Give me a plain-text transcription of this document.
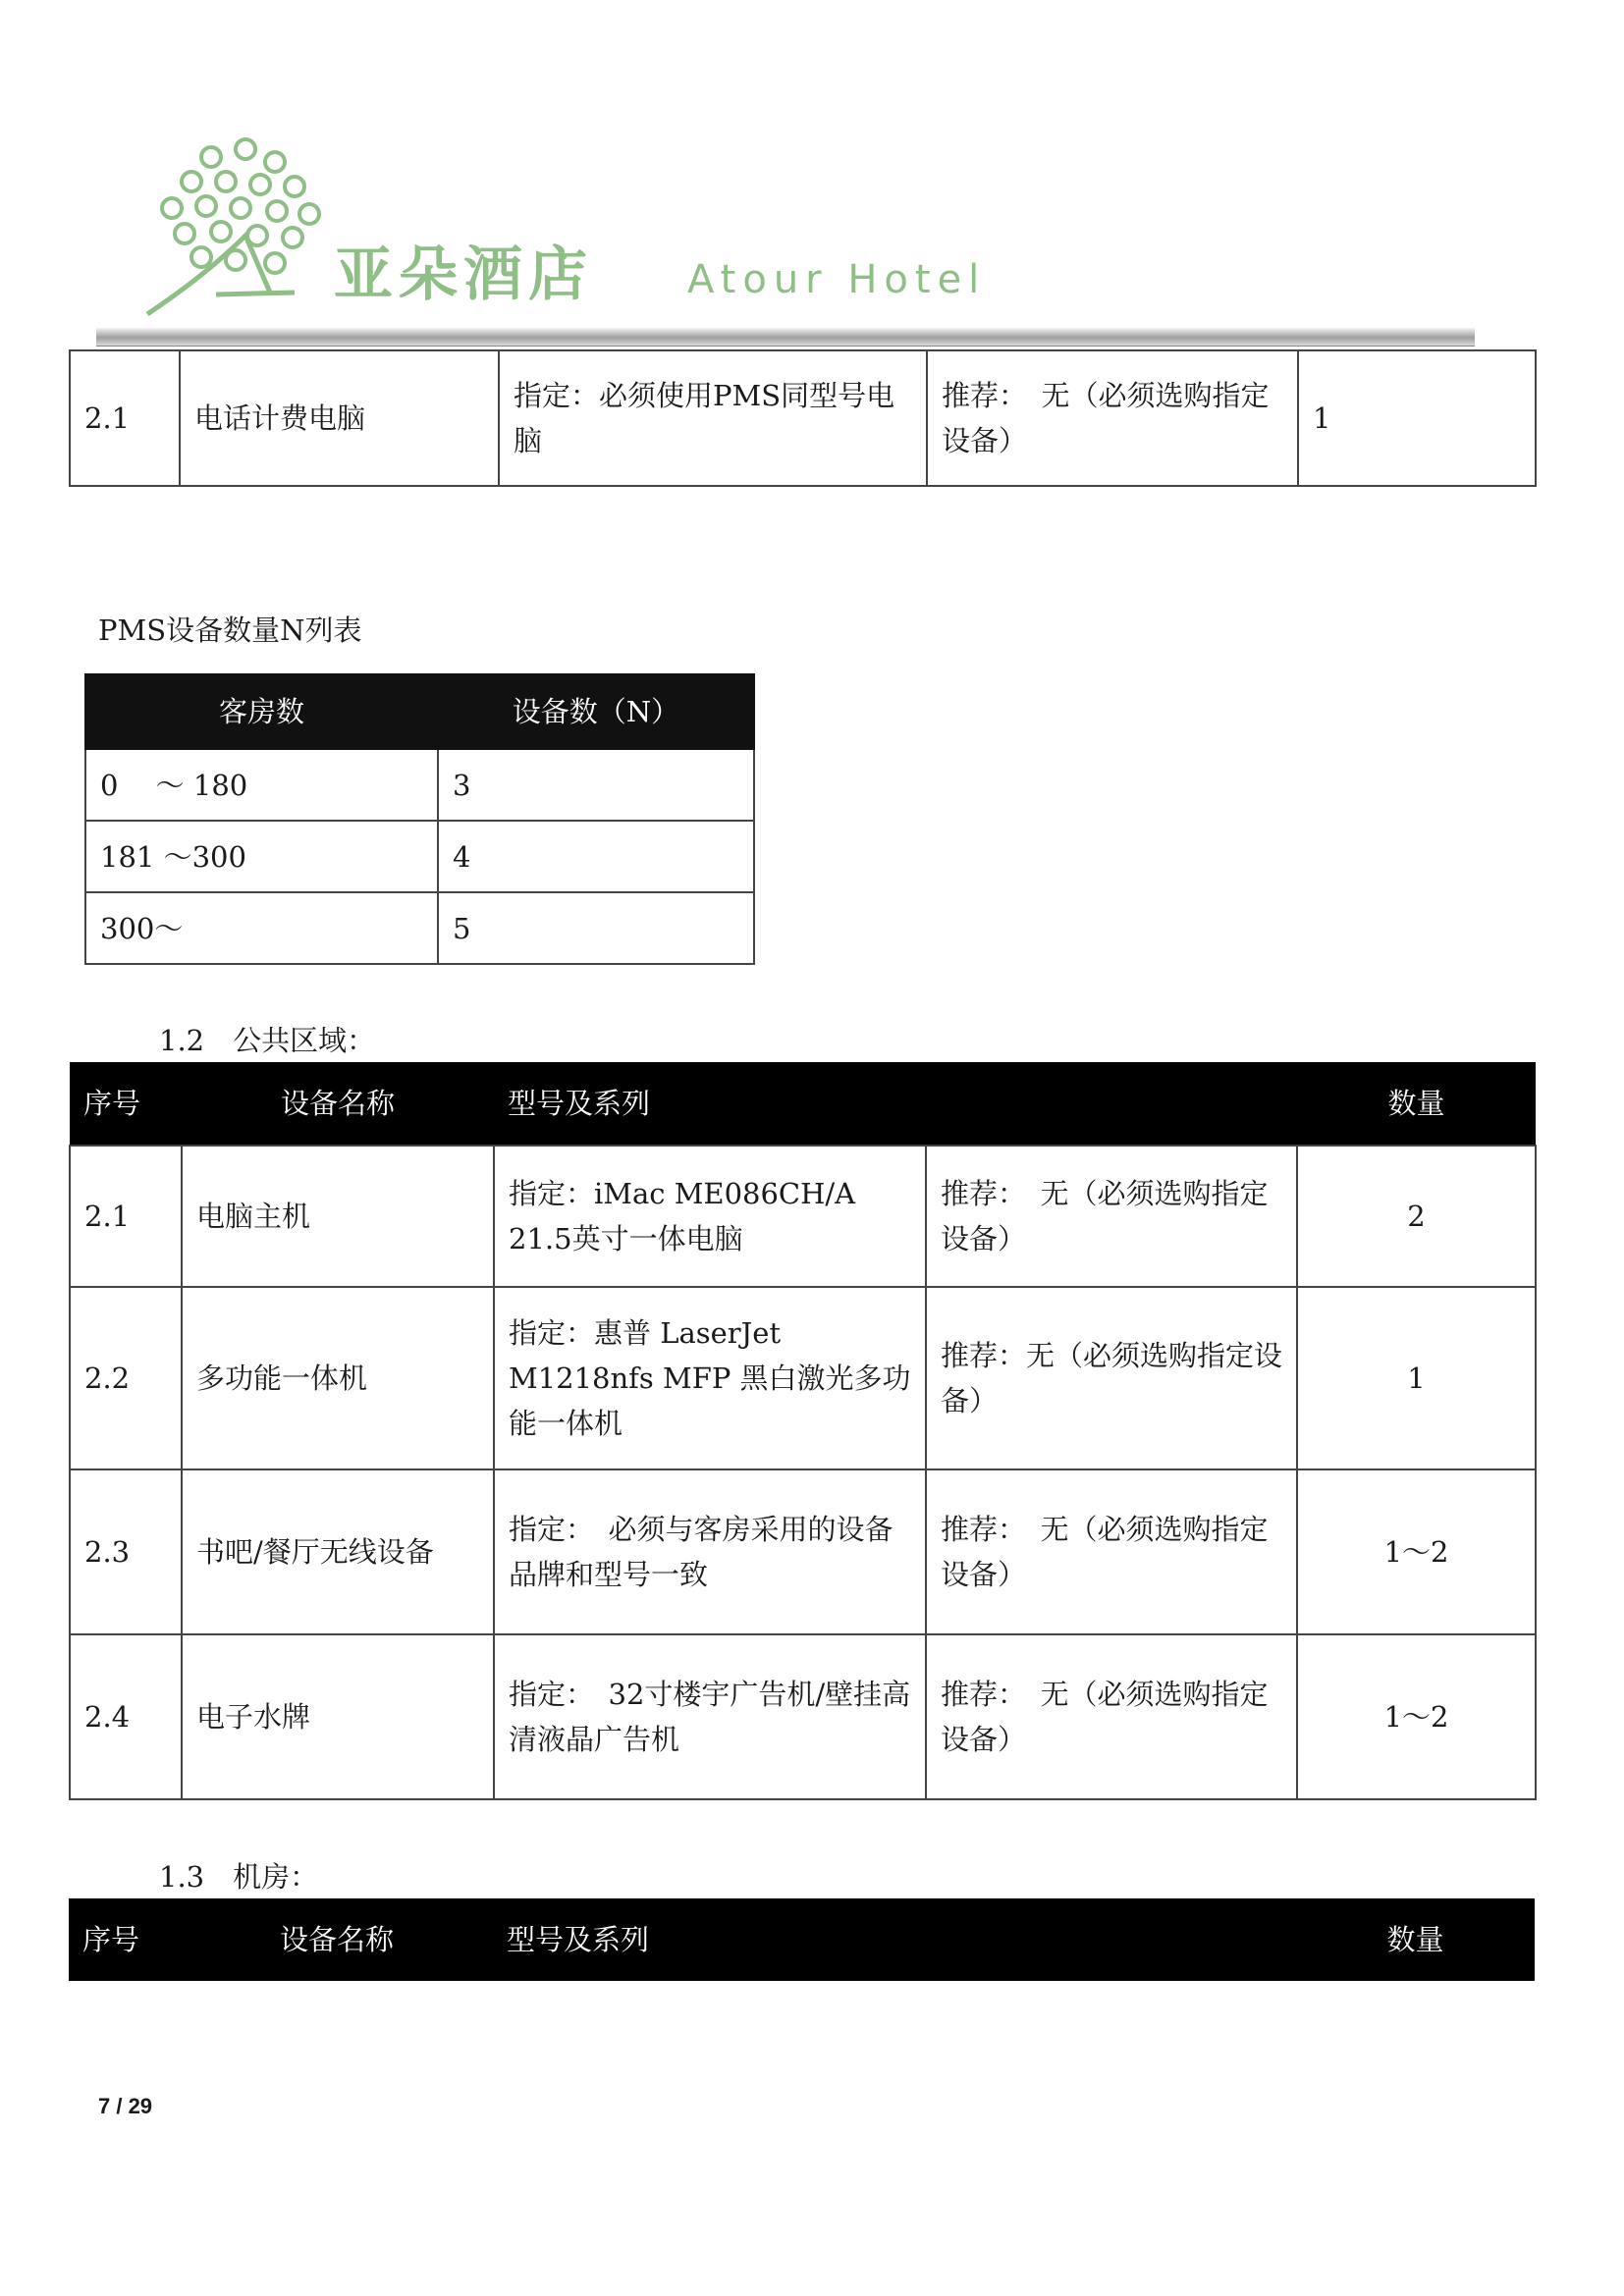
亚朵酒店 Atour Hotel
2.1	电话计费电脑	指定：必须使用PMS同型号电脑	推荐：　无（必须选购指定设备）	1
PMS设备数量N列表
客房数	设备数（N）
0　 ～ 180	3
181 ～300	4
300～	5
1.2　公共区域：
序号	设备名称	型号及系列		数量
2.1	电脑主机	指定：iMac ME086CH/A 21.5英寸一体电脑	推荐：　无（必须选购指定设备）	2
2.2	多功能一体机	指定：惠普 LaserJet M1218nfs MFP 黑白激光多功能一体机	推荐：无（必须选购指定设备）	1
2.3	书吧/餐厅无线设备	指定：　必须与客房采用的设备品牌和型号一致	推荐：　无（必须选购指定设备）	1～2
2.4	电子水牌	指定：　32寸楼宇广告机/壁挂高清液晶广告机	推荐：　无（必须选购指定设备）	1～2
1.3　机房：
序号	设备名称	型号及系列	数量
7 / 29
